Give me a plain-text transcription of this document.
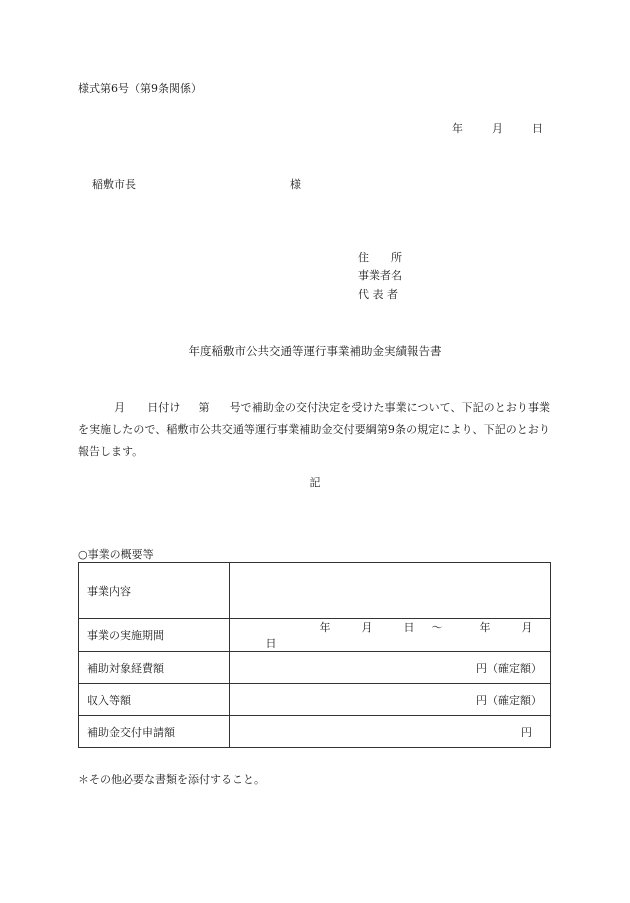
様式第6号（第9条関係）
年	月	日
稲敷市長	様
住　　所
事業者名
代 表 者
年度稲敷市公共交通等運行事業補助金実績報告書
月 日付け 第 号で補助金の交付決定を受けた事業について、下記のとおり事業を実施したので、稲敷市公共交通等運行事業補助金交付要綱第9条の規定により、下記のとおり報告します。
記
○事業の概要等
事業内容	
事業の実施期間	年 月 日 ～ 年 月  日
補助対象経費額	円（確定額）
収入等額	円（確定額）
補助金交付申請額	円
＊その他必要な書類を添付すること。
